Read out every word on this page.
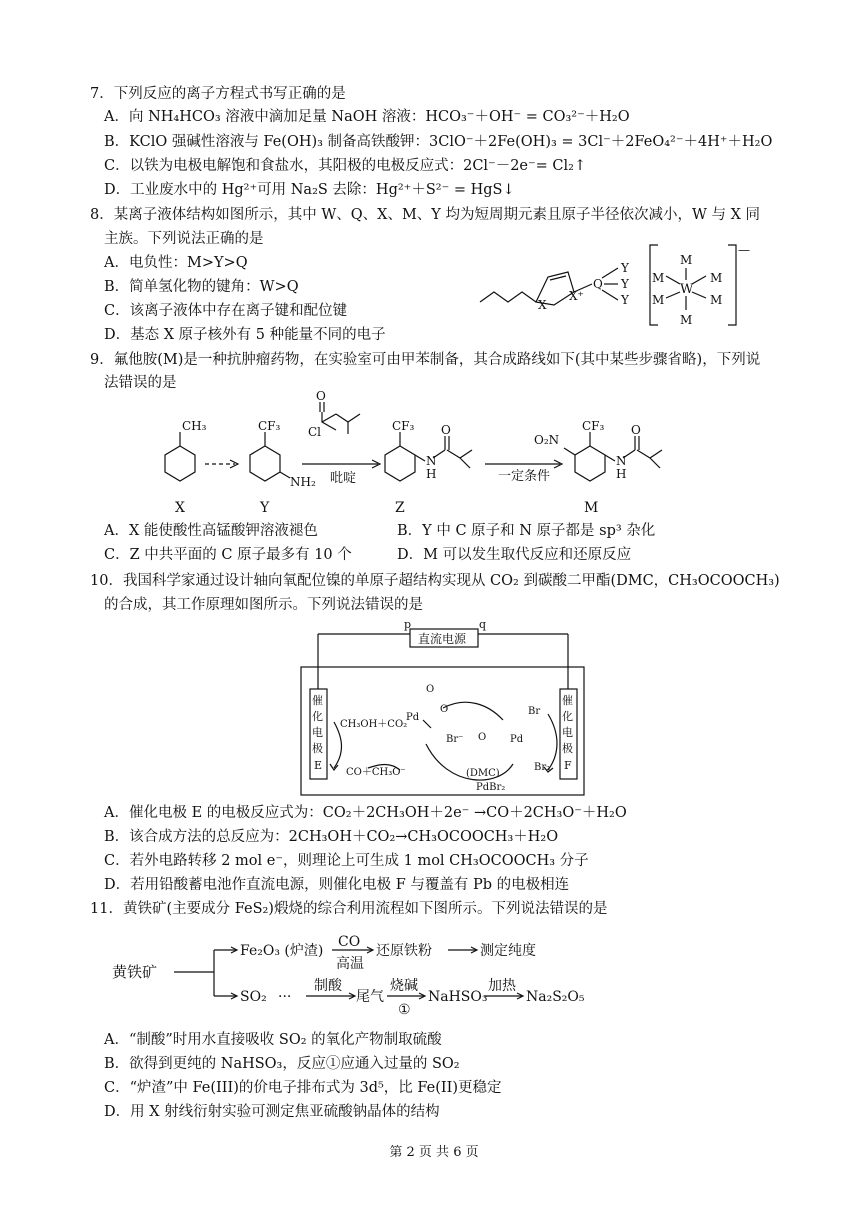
7．下列反应的离子方程式书写正确的是
A．向 NH₄HCO₃ 溶液中滴加足量 NaOH 溶液：HCO₃⁻＋OH⁻ = CO₃²⁻＋H₂O
B．KClO 强碱性溶液与 Fe(OH)₃ 制备高铁酸钾：3ClO⁻＋2Fe(OH)₃ = 3Cl⁻＋2FeO₄²⁻＋4H⁺＋H₂O
C．以铁为电极电解饱和食盐水，其阳极的电极反应式：2Cl⁻－2e⁻= Cl₂↑
D．工业废水中的 Hg²⁺可用 Na₂S 去除：Hg²⁺＋S²⁻ = HgS↓
8．某离子液体结构如图所示，其中 W、Q、X、M、Y 均为短周期元素且原子半径依次减小，W 与 X 同
主族。下列说法正确的是
A．电负性：M>Y>Q
B．简单氢化物的键角：W>Q
C．该离子液体中存在离子键和配位键
D．基态 X 原子核外有 5 种能量不同的电子
X
X⁺
Q
Y
Y
Y
M
M	M
W
M	M
M
—
9．氟他胺(M)是一种抗肿瘤药物，在实验室可由甲苯制备，其合成路线如下(其中某些步骤省略)，下列说
法错误的是
CH₃	CF₃
NH₂
O
Cl
吡啶
CF₃
N
H
O
一定条件
CF₃
O₂N
N
H
O
X	Y	Z	M
A．X 能使酸性高锰酸钾溶液褪色	B．Y 中 C 原子和 N 原子都是 sp³ 杂化
C．Z 中共平面的 C 原子最多有 10 个	D．M 可以发生取代反应和还原反应
10．我国科学家通过设计轴向氧配位镍的单原子超结构实现从 CO₂ 到碳酸二甲酯(DMC，CH₃OCOOCH₃)
的合成，其工作原理如图所示。下列说法错误的是
p	q
直流电源
催
化
电
极
E
催
化
电
极
F
CH₃OH＋CO₂
CO＋CH₃O⁻
O
Pd
O
Br⁻	Pd
Br
Br₂
O
(DMC)
PdBr₂
A．催化电极 E 的电极反应式为：CO₂＋2CH₃OH＋2e⁻ →CO＋2CH₃O⁻＋H₂O
B．该合成方法的总反应为：2CH₃OH＋CO₂→CH₃OCOOCH₃＋H₂O
C．若外电路转移 2 mol e⁻，则理论上可生成 1 mol CH₃OCOOCH₃ 分子
D．若用铅酸蓄电池作直流电源，则催化电极 F 与覆盖有 Pb 的电极相连
11．黄铁矿(主要成分 FeS₂)煅烧的综合利用流程如下图所示。下列说法错误的是
黄铁矿
Fe₂O₃ (炉渣)
CO
高温
还原铁粉	测定纯度
SO₂ ···
制酸
尾气
烧碱
①
NaHSO₃
加热
Na₂S₂O₅
A．“制酸”时用水直接吸收 SO₂ 的氧化产物制取硫酸
B．欲得到更纯的 NaHSO₃，反应①应通入过量的 SO₂
C．“炉渣”中 Fe(III)的价电子排布式为 3d⁵，比 Fe(II)更稳定
D．用 X 射线衍射实验可测定焦亚硫酸钠晶体的结构
第 2 页 共 6 页
